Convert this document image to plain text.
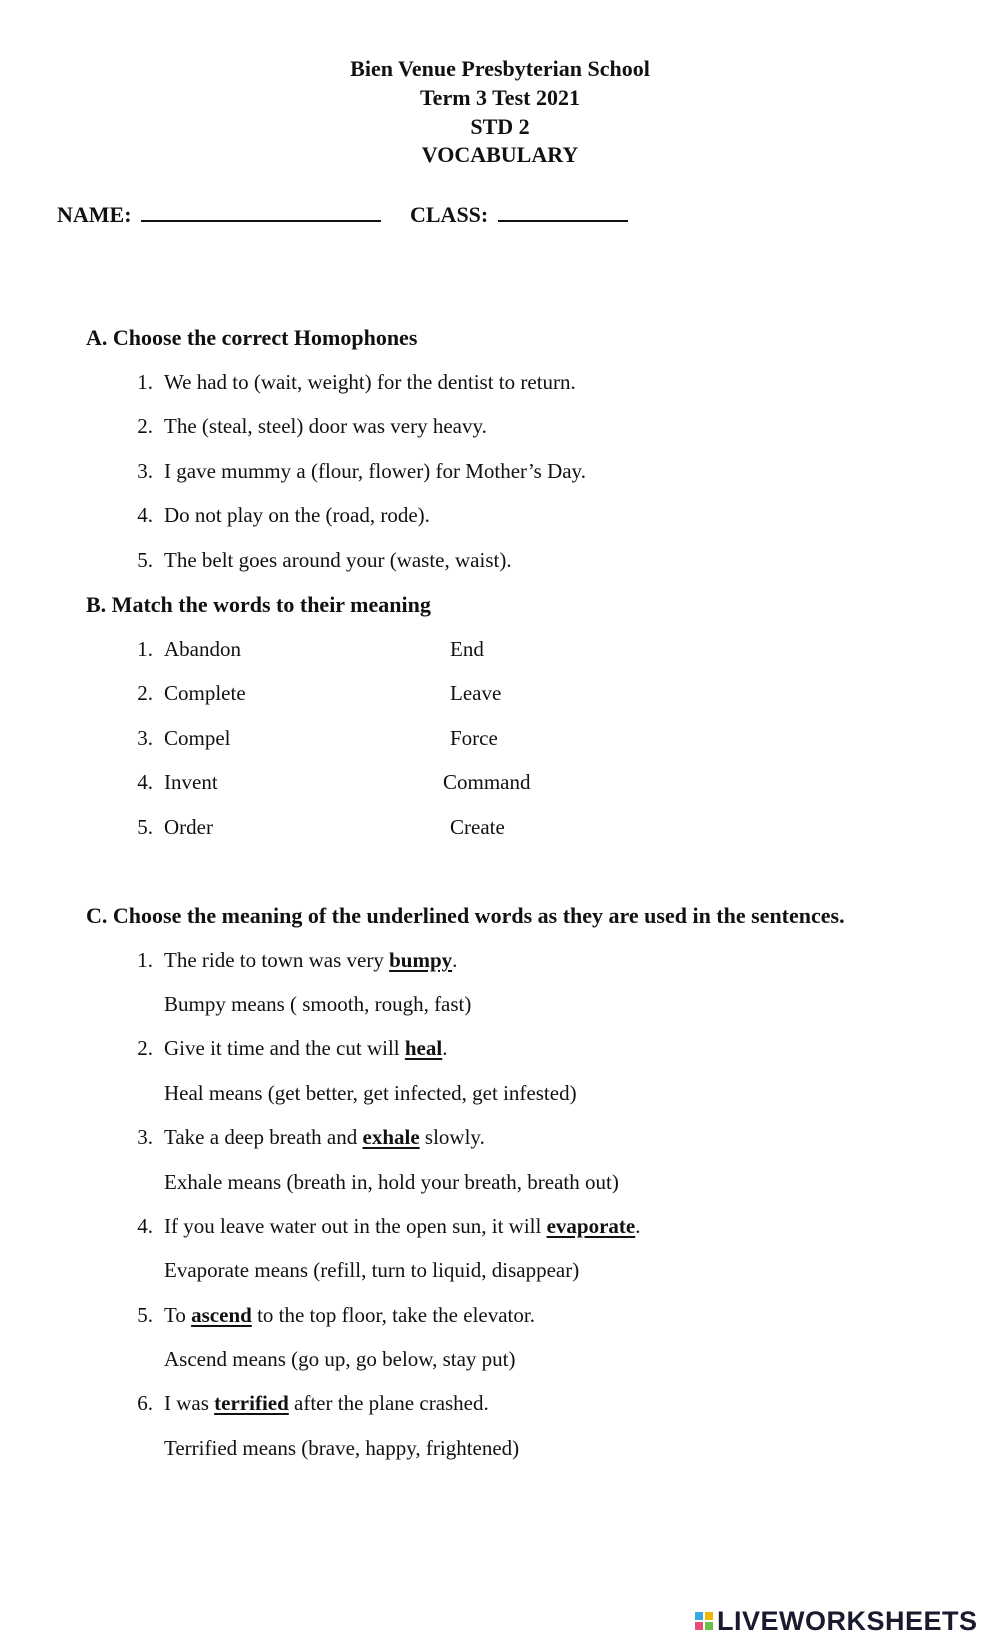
Bien Venue Presbyterian School
Term 3 Test 2021
STD 2
VOCABULARY
NAME:	CLASS:
A. Choose the correct Homophones
1. We had to (wait, weight) for the dentist to return.
2. The (steal, steel) door was very heavy.
3. I gave mummy a (flour, flower) for Mother’s Day.
4. Do not play on the (road, rode).
5. The belt goes around your (waste, waist).
B. Match the words to their meaning
1. Abandon	End
2. Complete	Leave
3. Compel	Force
4. Invent	Command
5. Order	Create
C. Choose the meaning of the underlined words as they are used in the sentences.
1. The ride to town was very bumpy.
Bumpy means ( smooth, rough, fast)
2. Give it time and the cut will heal.
Heal means (get better, get infected, get infested)
3. Take a deep breath and exhale slowly.
Exhale means (breath in, hold your breath, breath out)
4. If you leave water out in the open sun, it will evaporate.
Evaporate means (refill, turn to liquid, disappear)
5. To ascend to the top floor, take the elevator.
Ascend means (go up, go below, stay put)
6. I was terrified after the plane crashed.
Terrified means (brave, happy, frightened)
LIVEWORKSHEETS
